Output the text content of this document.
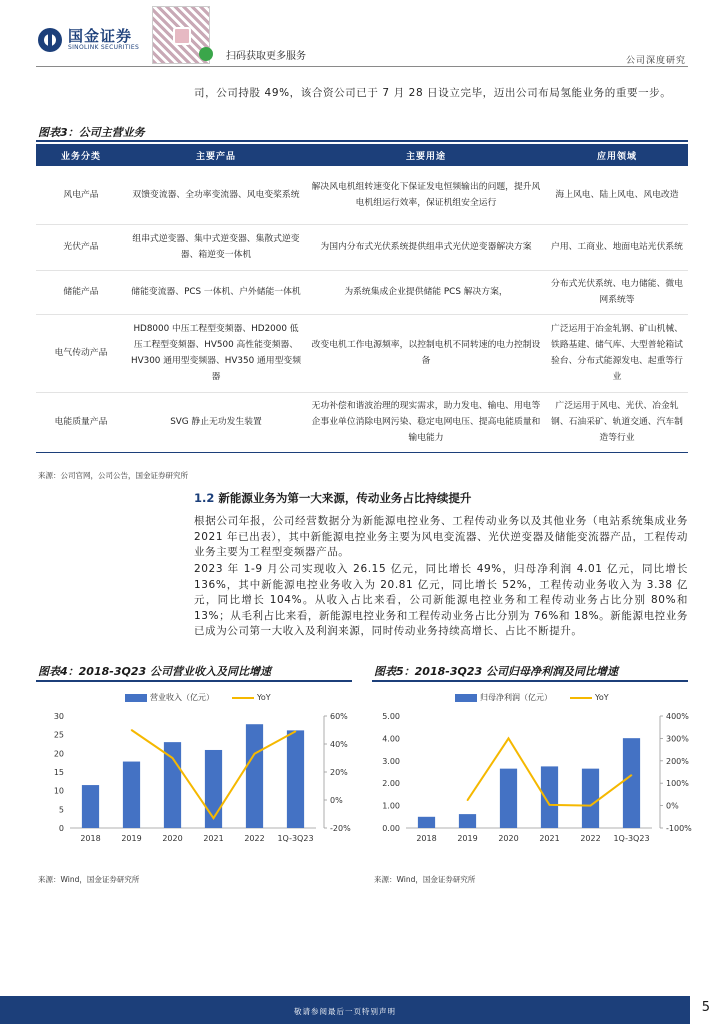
国金证券
SINOLINK SECURITIES
扫码获取更多服务	公司深度研究
司，公司持股 49%，该合资公司已于 7 月 28 日设立完毕，迈出公司布局氢能业务的重要一步。
图表3：公司主营业务
业务分类	主要产品	主要用途	应用领域
风电产品	双馈变流器、全功率变流器、风电变桨系统	解决风电机组转速变化下保证发电恒频输出的问题，提升风电机组运行效率，保证机组安全运行	海上风电、陆上风电、风电改造
光伏产品	组串式逆变器、集中式逆变器、集散式逆变器、箱逆变一体机	为国内分布式光伏系统提供组串式光伏逆变器解决方案	户用、工商业、地面电站光伏系统
储能产品	储能变流器、PCS 一体机、户外储能一体机	为系统集成企业提供储能 PCS 解决方案，	分布式光伏系统、电力储能、微电网系统等
电气传动产品	HD8000 中压工程型变频器、HD2000 低压工程型变频器、HV500 高性能变频器、HV300 通用型变频器、HV350 通用型变频器	改变电机工作电源频率，以控制电机不同转速的电力控制设备	广泛运用于冶金轧钢、矿山机械、铁路基建、储气库、大型普轮箱试验台、分布式能源发电、起重等行业
电能质量产品	SVG 静止无功发生装置	无功补偿和谐波治理的现实需求，助力发电、输电、用电等企事业单位消除电网污染、稳定电网电压、提高电能质量和输电能力	广泛运用于风电、光伏、冶金轧钢、石油采矿、轨道交通、汽车制造等行业
来源：公司官网，公司公告，国金证券研究所
1.2 新能源业务为第一大来源，传动业务占比持续提升
根据公司年报，公司经营数据分为新能源电控业务、工程传动业务以及其他业务（电站系统集成业务 2021 年已出表），其中新能源电控业务主要为风电变流器、光伏逆变器及储能变流器产品，工程传动业务主要为工程型变频器产品。
2023 年 1-9 月公司实现收入 26.15 亿元，同比增长 49%，归母净利润 4.01 亿元，同比增长 136%，其中新能源电控业务收入为 20.81 亿元，同比增长 52%，工程传动业务收入为 3.38 亿元，同比增长 104%。从收入占比来看，公司新能源电控业务和工程传动业务占比分别 80%和 13%；从毛利占比来看，新能源电控业务和工程传动业务占比分别为 76%和 18%。新能源电控业务已成为公司第一大收入及利润来源，同时传动业务持续高增长、占比不断提升。
图表4：2018-3Q23 公司营业收入及同比增速
营业收入（亿元）	YoY
0
5
10
15
20
25
30
-20%
0%
20%
40%
60%
2018	2019	2020	2021	2022 1Q-3Q23
来源：Wind，国金证券研究所
图表5：2018-3Q23 公司归母净利润及同比增速
归母净利润（亿元）	YoY
0.00
1.00
2.00
3.00
4.00
5.00
-100%
0%
100%
200%
300%
400%
2018	2019	2020	2021	2022 1Q-3Q23
来源：Wind，国金证券研究所
敬请参阅最后一页特别声明	5
